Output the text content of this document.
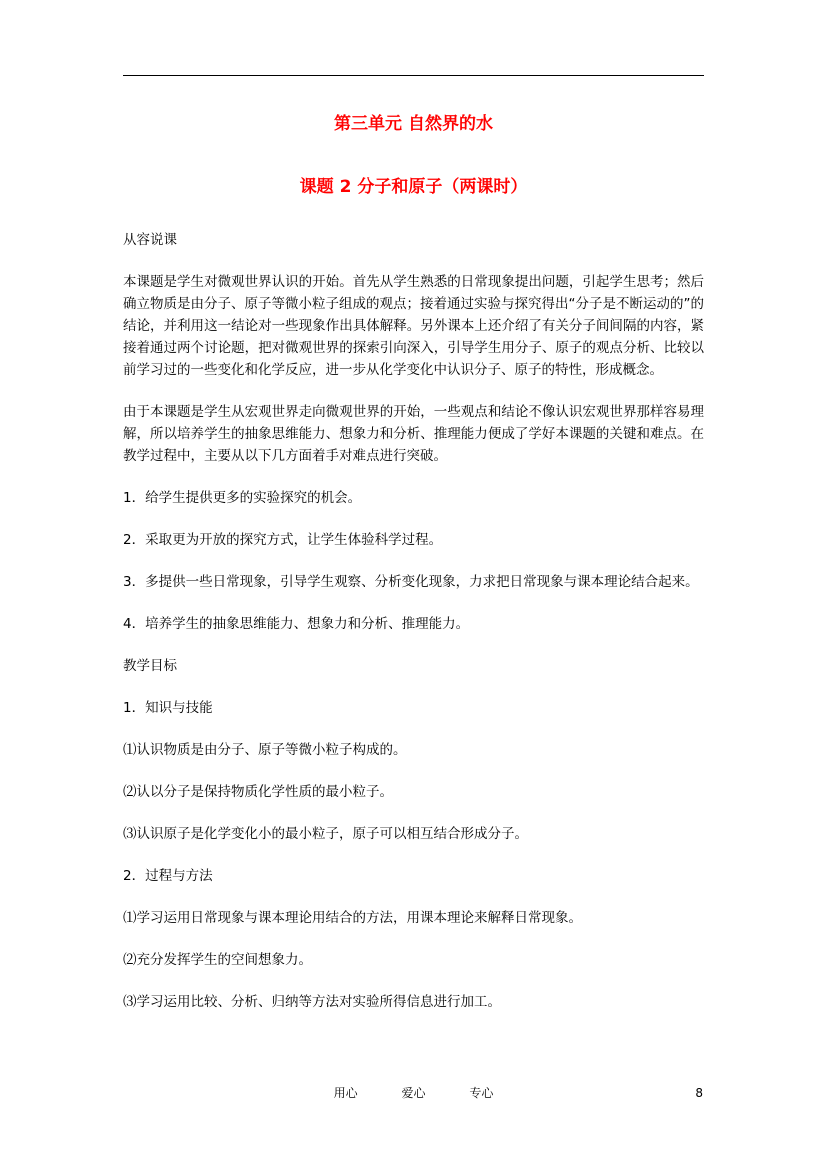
第三单元 自然界的水
课题 2 分子和原子（两课时）

从容说课

本课题是学生对微观世界认识的开始。首先从学生熟悉的日常现象提出问题，引起学生思考；然后确立物质是由分子、原子等微小粒子组成的观点；接着通过实验与探究得出“分子是不断运动的”的结论，并利用这一结论对一些现象作出具体解释。另外课本上还介绍了有关分子间间隔的内容，紧接着通过两个讨论题，把对微观世界的探索引向深入，引导学生用分子、原子的观点分析、比较以前学习过的一些变化和化学反应，进一步从化学变化中认识分子、原子的特性，形成概念。

由于本课题是学生从宏观世界走向微观世界的开始，一些观点和结论不像认识宏观世界那样容易理解，所以培养学生的抽象思维能力、想象力和分析、推理能力便成了学好本课题的关键和难点。在教学过程中，主要从以下几方面着手对难点进行突破。

1．给学生提供更多的实验探究的机会。

2．采取更为开放的探究方式，让学生体验科学过程。

3．多提供一些日常现象，引导学生观察、分析变化现象，力求把日常现象与课本理论结合起来。

4．培养学生的抽象思维能力、想象力和分析、推理能力。

教学目标

1．知识与技能

⑴认识物质是由分子、原子等微小粒子构成的。

⑵认以分子是保持物质化学性质的最小粒子。

⑶认识原子是化学变化小的最小粒子，原子可以相互结合形成分子。

2．过程与方法

⑴学习运用日常现象与课本理论用结合的方法，用课本理论来解释日常现象。

⑵充分发挥学生的空间想象力。

⑶学习运用比较、分析、归纳等方法对实验所得信息进行加工。

用心	爱心	专心	8
